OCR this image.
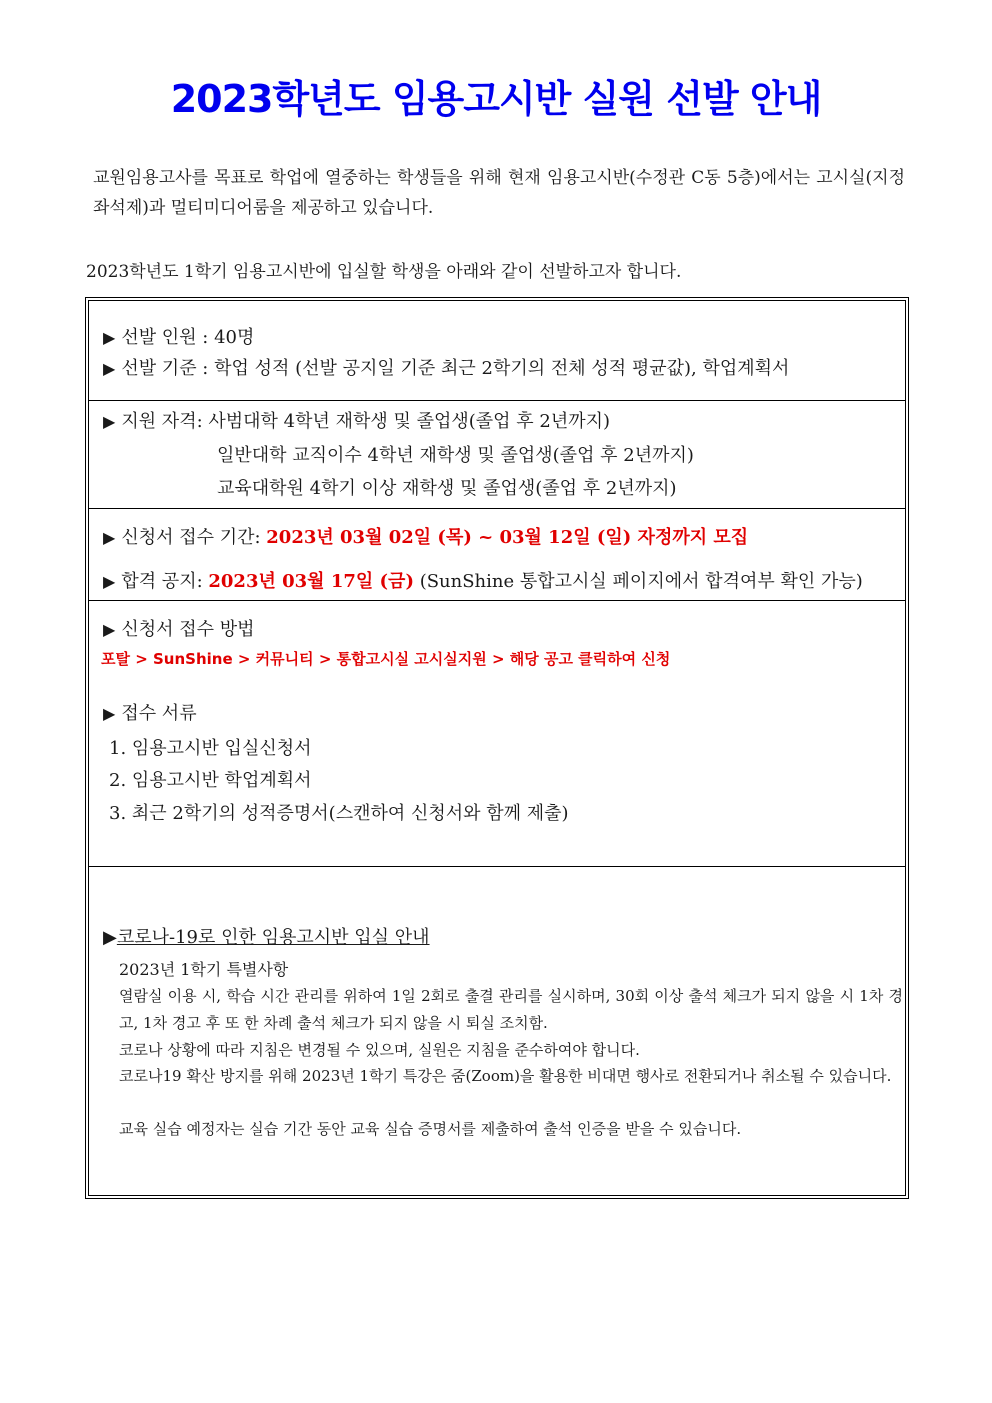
2023학년도 임용고시반 실원 선발 안내
교원임용고사를 목표로 학업에 열중하는 학생들을 위해 현재 임용고시반(수정관 C동 5층)에서는 고시실(지정좌석제)과 멀티미디어룸을 제공하고 있습니다.
2023학년도 1학기 임용고시반에 입실할 학생을 아래와 같이 선발하고자 합니다.
▶ 선발 인원 : 40명
▶ 선발 기준 : 학업 성적 (선발 공지일 기준 최근 2학기의 전체 성적 평균값), 학업계획서
▶ 지원 자격: 사범대학 4학년 재학생 및 졸업생(졸업 후 2년까지)
일반대학 교직이수 4학년 재학생 및 졸업생(졸업 후 2년까지)
교육대학원 4학기 이상 재학생 및 졸업생(졸업 후 2년까지)
▶ 신청서 접수 기간: 2023년 03월 02일 (목) ~ 03월 12일 (일) 자정까지 모집
▶ 합격 공지: 2023년 03월 17일 (금) (SunShine 통합고시실 페이지에서 합격여부 확인 가능)
▶ 신청서 접수 방법
포탈 > SunShine > 커뮤니티 > 통합고시실 고시실지원 > 해당 공고 클릭하여 신청
▶ 접수 서류
1. 임용고시반 입실신청서
2. 임용고시반 학업계획서
3. 최근 2학기의 성적증명서(스캔하여 신청서와 함께 제출)
▶코로나-19로 인한 임용고시반 입실 안내
2023년 1학기 특별사항
열람실 이용 시, 학습 시간 관리를 위하여 1일 2회로 출결 관리를 실시하며, 30회 이상 출석 체크가 되지 않을 시 1차 경고, 1차 경고 후 또 한 차례 출석 체크가 되지 않을 시 퇴실 조치함.
코로나 상황에 따라 지침은 변경될 수 있으며, 실원은 지침을 준수하여야 합니다.
코로나19 확산 방지를 위해 2023년 1학기 특강은 줌(Zoom)을 활용한 비대면 행사로 전환되거나 취소될 수 있습니다.
교육 실습 예정자는 실습 기간 동안 교육 실습 증명서를 제출하여 출석 인증을 받을 수 있습니다.
